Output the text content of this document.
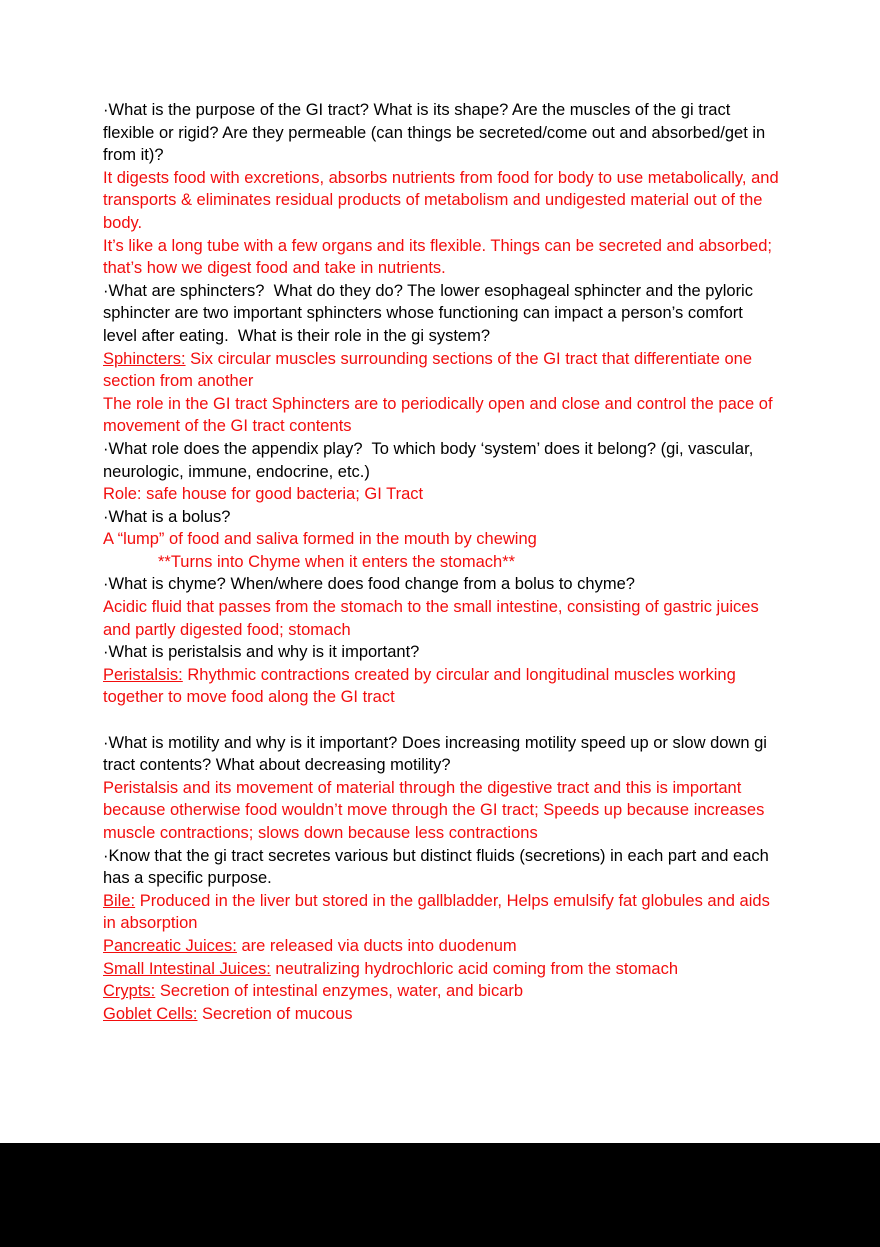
·What is the purpose of the GI tract? What is its shape? Are the muscles of the gi tract flexible or rigid? Are they permeable (can things be secreted/come out and absorbed/get in from it)?
It digests food with excretions, absorbs nutrients from food for body to use metabolically, and transports & eliminates residual products of metabolism and undigested material out of the body.
It’s like a long tube with a few organs and its flexible. Things can be secreted and absorbed; that’s how we digest food and take in nutrients.
·What are sphincters?  What do they do? The lower esophageal sphincter and the pyloric sphincter are two important sphincters whose functioning can impact a person’s comfort level after eating.  What is their role in the gi system?
Sphincters: Six circular muscles surrounding sections of the GI tract that differentiate one section from another
The role in the GI tract Sphincters are to periodically open and close and control the pace of movement of the GI tract contents
·What role does the appendix play?  To which body ‘system’ does it belong? (gi, vascular, neurologic, immune, endocrine, etc.)
Role: safe house for good bacteria; GI Tract
·What is a bolus?
A “lump” of food and saliva formed in the mouth by chewing
**Turns into Chyme when it enters the stomach**
·What is chyme? When/where does food change from a bolus to chyme?
Acidic fluid that passes from the stomach to the small intestine, consisting of gastric juices and partly digested food; stomach
·What is peristalsis and why is it important?
Peristalsis: Rhythmic contractions created by circular and longitudinal muscles working together to move food along the GI tract
·What is motility and why is it important? Does increasing motility speed up or slow down gi tract contents? What about decreasing motility?
Peristalsis and its movement of material through the digestive tract and this is important because otherwise food wouldn’t move through the GI tract; Speeds up because increases muscle contractions; slows down because less contractions
·Know that the gi tract secretes various but distinct fluids (secretions) in each part and each has a specific purpose.
Bile: Produced in the liver but stored in the gallbladder, Helps emulsify fat globules and aids in absorption
Pancreatic Juices: are released via ducts into duodenum
Small Intestinal Juices: neutralizing hydrochloric acid coming from the stomach
Crypts: Secretion of intestinal enzymes, water, and bicarb
Goblet Cells: Secretion of mucous
